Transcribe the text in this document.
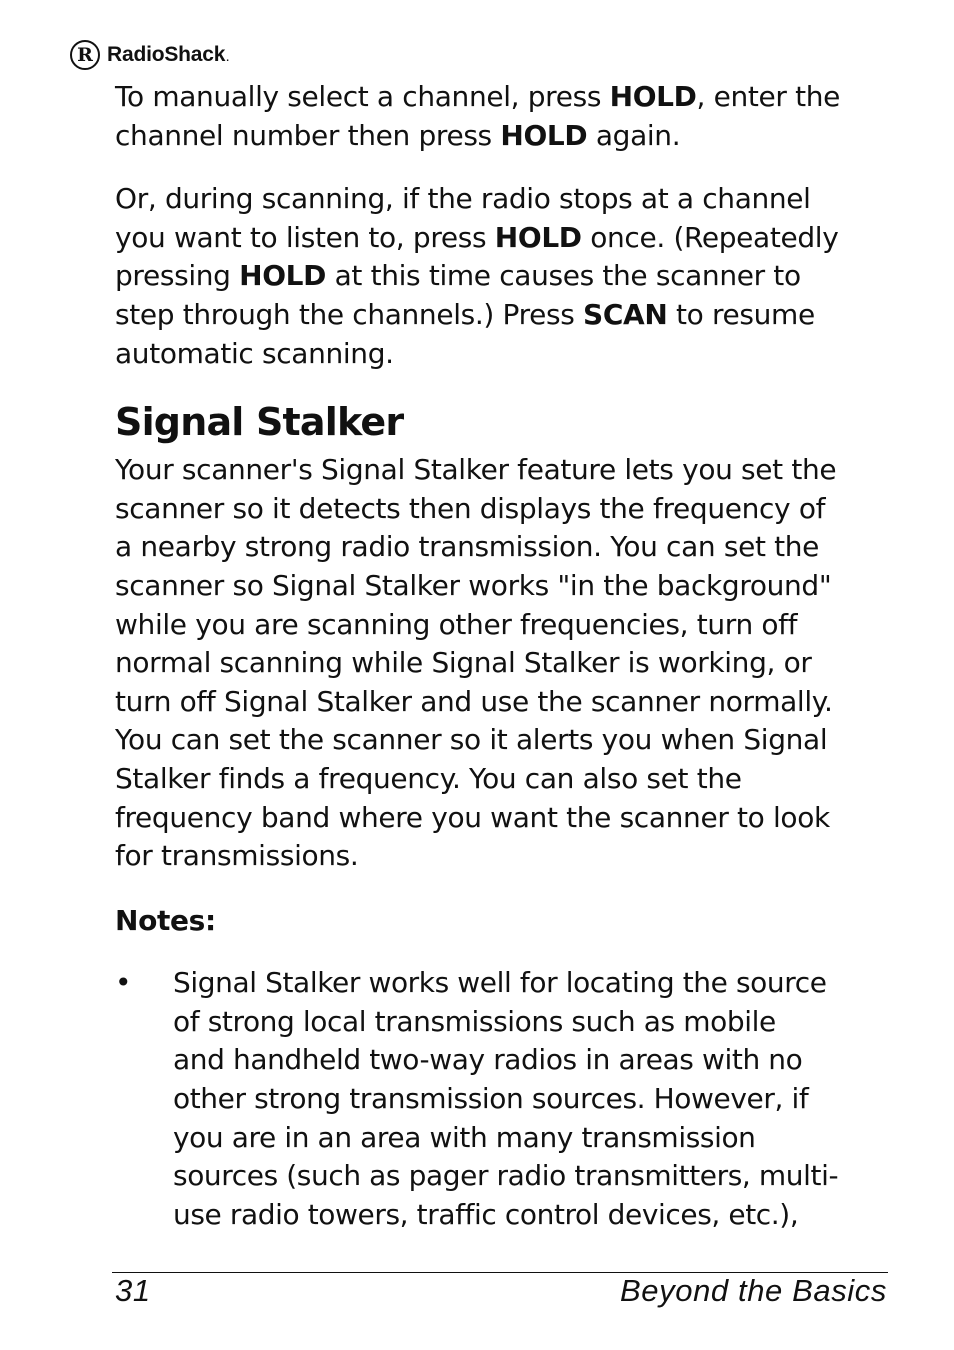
R RadioShack.

To manually select a channel, press HOLD, enter the

channel number then press HOLD again.

Or, during scanning, if the radio stops at a channel

you want to listen to, press HOLD once. (Repeatedly

pressing HOLD at this time causes the scanner to

step through the channels.) Press SCAN to resume

automatic scanning.

Signal Stalker

Your scanner's Signal Stalker feature lets you set the

scanner so it detects then displays the frequency of

a nearby strong radio transmission. You can set the

scanner so Signal Stalker works "in the background"

while you are scanning other frequencies, turn off

normal scanning while Signal Stalker is working, or

turn off Signal Stalker and use the scanner normally.

You can set the scanner so it alerts you when Signal

Stalker finds a frequency. You can also set the

frequency band where you want the scanner to look

for transmissions.

Notes:

• Signal Stalker works well for locating the source

of strong local transmissions such as mobile

and handheld two-way radios in areas with no

other strong transmission sources. However, if

you are in an area with many transmission

sources (such as pager radio transmitters, multi-

use radio towers, traffic control devices, etc.),

31	Beyond the Basics
